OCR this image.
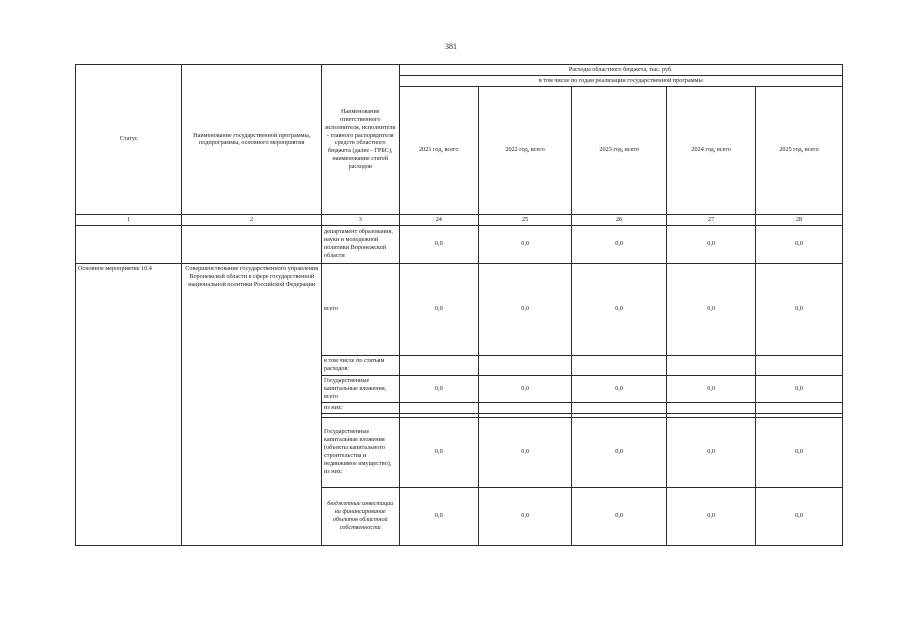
381
Статус	Наименование государственной программы, подпрограммы, основного мероприятия	Наименование ответственного исполнителя, исполнителя - главного распорядителя средств областного бюджета (далее - ГРБС), наименование статей расходов	Расходы областного бюджета, тыс. руб.				
			в том числе по годам реализации государственной программы				
			2021 год, всего	2022 год, всего	2023 год, всего	2024 год, всего	2025 год, всего
1	2	3	24	25	26	27	28
		департамент образования, науки и молодежной политики Воронежской области	0,0	0,0	0,0	0,0	0,0
Основное мероприятие 10.4	Совершенствование государственного управления Воронежской области в сфере государственной национальной политики Российской Федерации	всего	0,0	0,0	0,0	0,0	0,0
		в том числе по статьям расходов:					
		Государственные капитальные вложения, всего	0,0	0,0	0,0	0,0	0,0
		из них:					

		Государственные капитальные вложения (объекты капитального строительства и недвижимое имущество), из них:	0,0	0,0	0,0	0,0	0,0
		бюджетные инвестиции на финансирование объектов областной собственности	0,0	0,0	0,0	0,0	0,0
